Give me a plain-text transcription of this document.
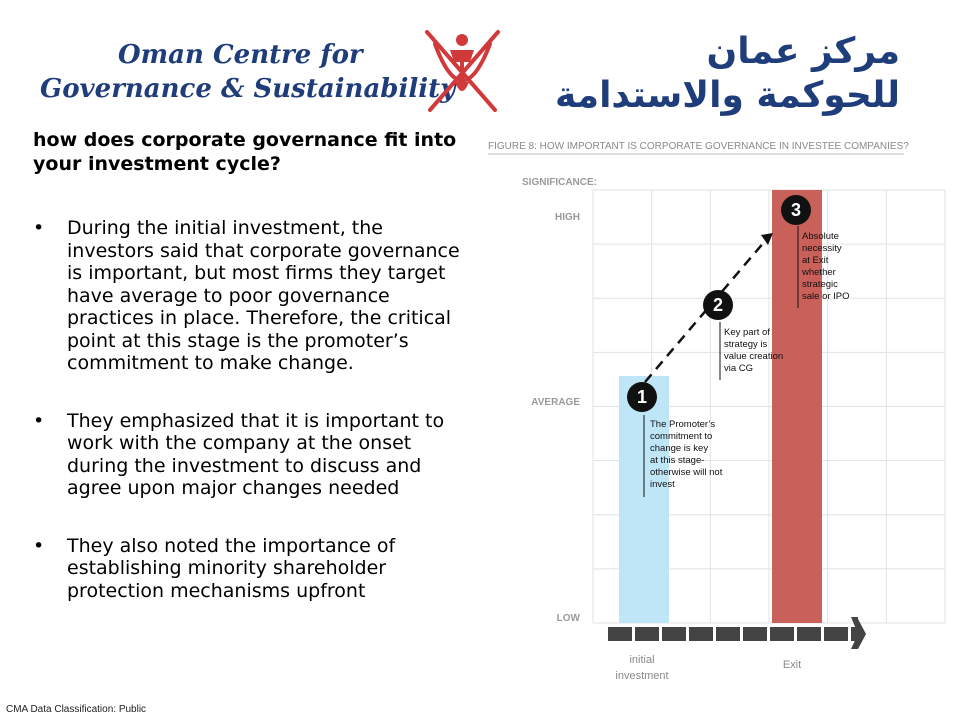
Oman Centre for
Governance & Sustainability
مركز عمان
للحوكمة والاستدامة
how does corporate governance fit into your investment cycle?
• During the initial investment, the investors said that corporate governance is important, but most firms they target have average to poor governance practices in place. Therefore, the critical point at this stage is the promoter’s commitment to make change.
• They emphasized that it is important to work with the company at the onset during the investment to discuss and agree upon major changes needed
• They also noted the importance of establishing minority shareholder protection mechanisms upfront
FIGURE 8: HOW IMPORTANT IS CORPORATE GOVERNANCE IN INVESTEE COMPANIES?
SIGNIFICANCE:
LOW
AVERAGE
HIGH
1
The Promoter’s
commitment to
change is key
at this stage-
otherwise will not
invest
2
Key part of
strategy is
value creation
via CG
3
Absolute
necessity
at Exit
whether
strategic
sale or IPO
initial investment
Exit
CMA Data Classification: Public
